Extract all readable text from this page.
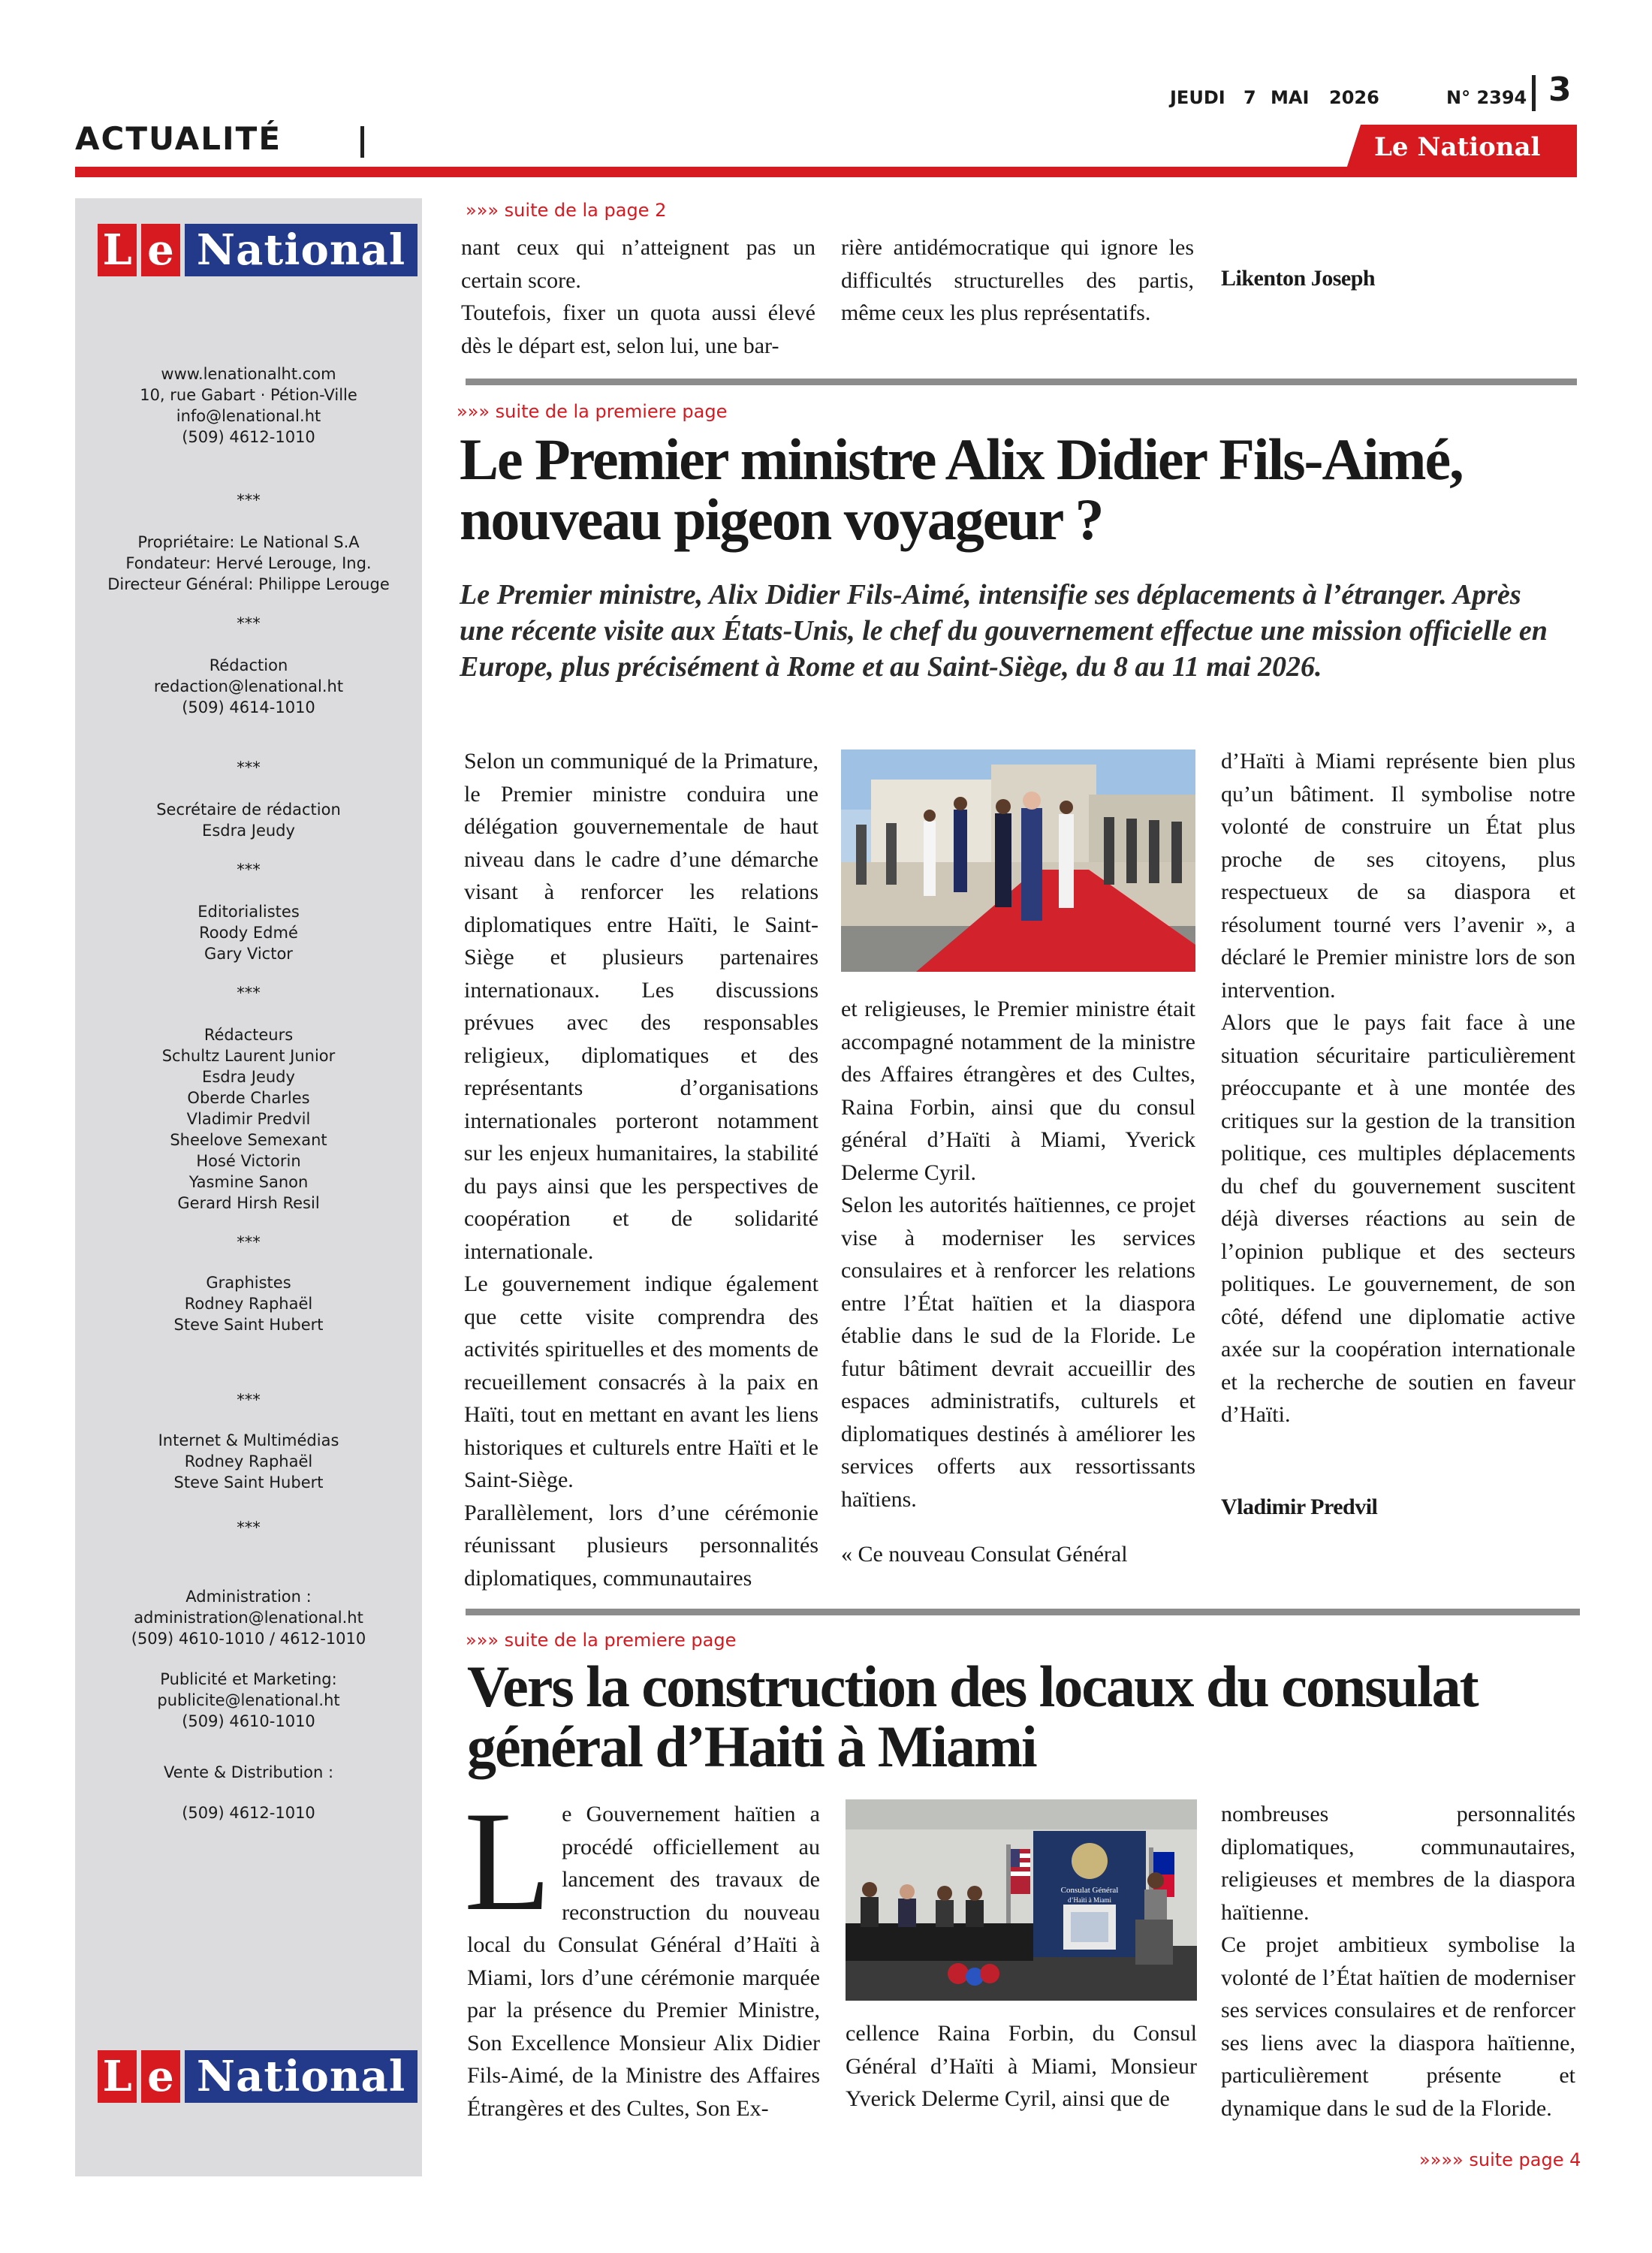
ACTUALITÉ
JEUDI 7 MAI 2026	N° 2394 3
Le National
L e National
www.lenationalht.com
10, rue Gabart · Pétion-Ville
info@lenational.ht
(509) 4612-1010
***
Propriétaire: Le National S.A
Fondateur: Hervé Lerouge, Ing.
Directeur Général: Philippe Lerouge
***
Rédaction
redaction@lenational.ht
(509) 4614-1010
***
Secrétaire de rédaction
Esdra Jeudy
***
Editorialistes
Roody Edmé
Gary Victor
***
Rédacteurs
Schultz Laurent Junior
Esdra Jeudy
Oberde Charles
Vladimir Predvil
Sheelove Semexant
Hosé Victorin
Yasmine Sanon
Gerard Hirsh Resil
***
Graphistes
Rodney Raphaël
Steve Saint Hubert
***
Internet & Multimédias
Rodney Raphaël
Steve Saint Hubert
***
Administration :
administration@lenational.ht
(509) 4610-1010 / 4612-1010
Publicité et Marketing:
publicite@lenational.ht
(509) 4610-1010
Vente & Distribution :
(509) 4612-1010
L e National
»»» suite de la page 2

nant ceux qui n’atteignent pas un certain score.

Toutefois, fixer un quota aussi élevé dès le départ est, selon lui, une bar-

rière antidémocratique qui ignore les difficultés structurelles des partis, même ceux les plus représentatifs.

Likenton Joseph
»»» suite de la premiere page
Le Premier ministre Alix Didier Fils-Aimé,
nouveau pigeon voyageur ?
Le Premier ministre, Alix Didier Fils-Aimé, intensifie ses déplacements à l’étranger. Après une récente visite aux États-Unis, le chef du gouvernement effectue une mission officielle en Europe, plus précisément à Rome et au Saint-Siège, du 8 au 11 mai 2026.

Selon un communiqué de la Primature, le Premier ministre conduira une délégation gouvernementale de haut niveau dans le cadre d’une démarche visant à renforcer les relations diplomatiques entre Haïti, le Saint-Siège et plusieurs partenaires internationaux. Les discussions prévues avec des responsables religieux, diplomatiques et des représentants d’organisations internationales porteront notamment sur les enjeux humanitaires, la stabilité du pays ainsi que les perspectives de coopération et de solidarité internationale.

Le gouvernement indique également que cette visite comprendra des activités spirituelles et des moments de recueillement consacrés à la paix en Haïti, tout en mettant en avant les liens historiques et culturels entre Haïti et le Saint-Siège.

Parallèlement, lors d’une cérémonie réunissant plusieurs personnalités diplomatiques, communautaires

et religieuses, le Premier ministre était accompagné notamment de la ministre des Affaires étrangères et des Cultes, Raina Forbin, ainsi que du consul général d’Haïti à Miami, Yverick Delerme Cyril.

Selon les autorités haïtiennes, ce projet vise à moderniser les services consulaires et à renforcer les relations entre l’État haïtien et la diaspora établie dans le sud de la Floride. Le futur bâtiment devrait accueillir des espaces administratifs, culturels et diplomatiques destinés à améliorer les services offerts aux ressortissants haïtiens.

« Ce nouveau Consulat Général

d’Haïti à Miami représente bien plus qu’un bâtiment. Il symbolise notre volonté de construire un État plus proche de ses citoyens, plus respectueux de sa diaspora et résolument tourné vers l’avenir », a déclaré le Premier ministre lors de son intervention.

Alors que le pays fait face à une situation sécuritaire particulièrement préoccupante et à une montée des critiques sur la gestion de la transition politique, ces multiples déplacements du chef du gouvernement suscitent déjà diverses réactions au sein de l’opinion publique et des secteurs politiques. Le gouvernement, de son côté, défend une diplomatie active axée sur la coopération internationale et la recherche de soutien en faveur d’Haïti.

Vladimir Predvil
»»» suite de la premiere page
Vers la construction des locaux du consulat
général d’Haiti à Miami
L e Gouvernement haïtien a procédé officiellement au lancement des travaux de reconstruction du nouveau local du Consulat Général d’Haïti à Miami, lors d’une cérémonie marquée par la présence du Premier Ministre, Son Excellence Monsieur Alix Didier Fils-Aimé, de la Ministre des Affaires Étrangères et des Cultes, Son Ex-

Consulat Général
d’Haïti à Miami

cellence Raina Forbin, du Consul Général d’Haïti à Miami, Monsieur Yverick Delerme Cyril, ainsi que de

nombreuses personnalités diplomatiques, communautaires, religieuses et membres de la diaspora haïtienne.

Ce projet ambitieux symbolise la volonté de l’État haïtien de moderniser ses services consulaires et de renforcer ses liens avec la diaspora haïtienne, particulièrement présente et dynamique dans le sud de la Floride.

»»»» suite page 4
